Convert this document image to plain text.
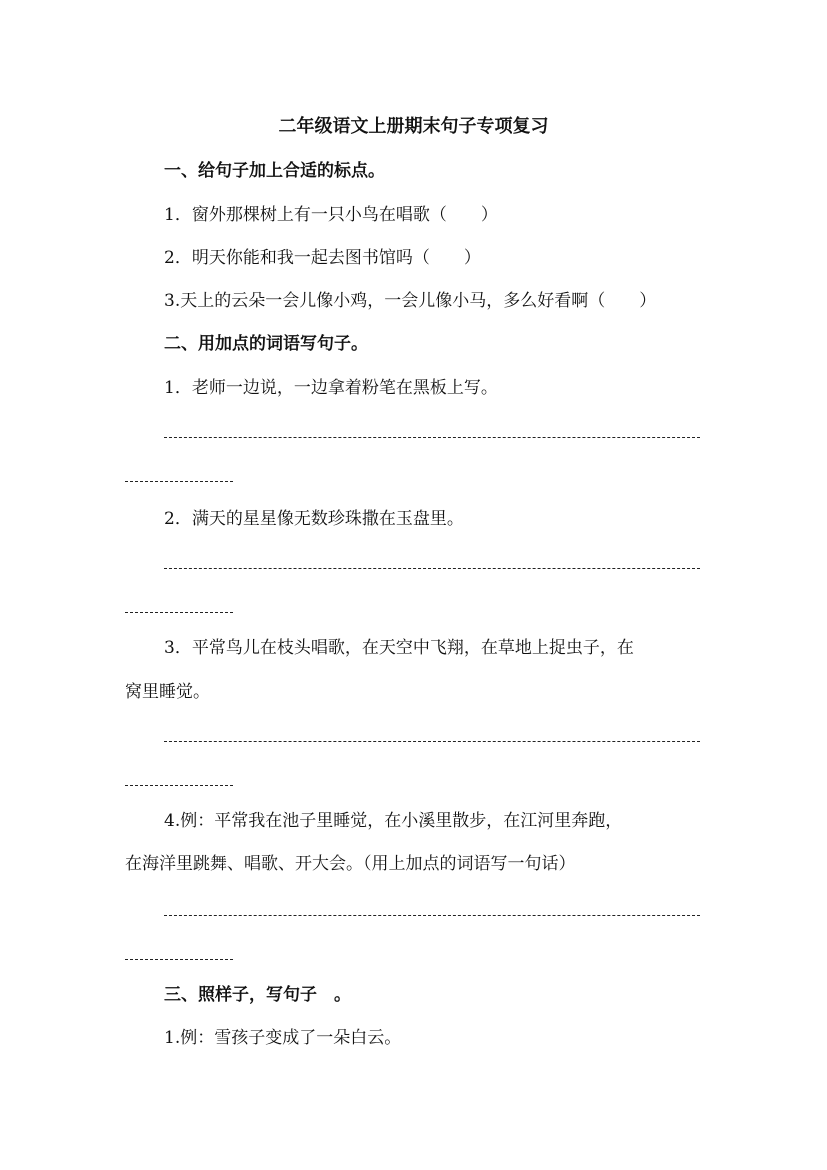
二年级语文上册期末句子专项复习
一、给句子加上合适的标点。
1．窗外那棵树上有一只小鸟在唱歌（　　）
2．明天你能和我一起去图书馆吗（　　）
3.天上的云朵一会儿像小鸡，一会儿像小马，多么好看啊（　　）
二、用加点的词语写句子。
1．老师一边说，一边拿着粉笔在黑板上写。
2．满天的星星像无数珍珠撒在玉盘里。
3．平常鸟儿在枝头唱歌，在天空中飞翔，在草地上捉虫子，在
窝里睡觉。
4.例：平常我在池子里睡觉，在小溪里散步，在江河里奔跑，
在海洋里跳舞、唱歌、开大会。（用上加点的词语写一句话）
三、照样子，写句子　。
1.例：雪孩子变成了一朵白云。
